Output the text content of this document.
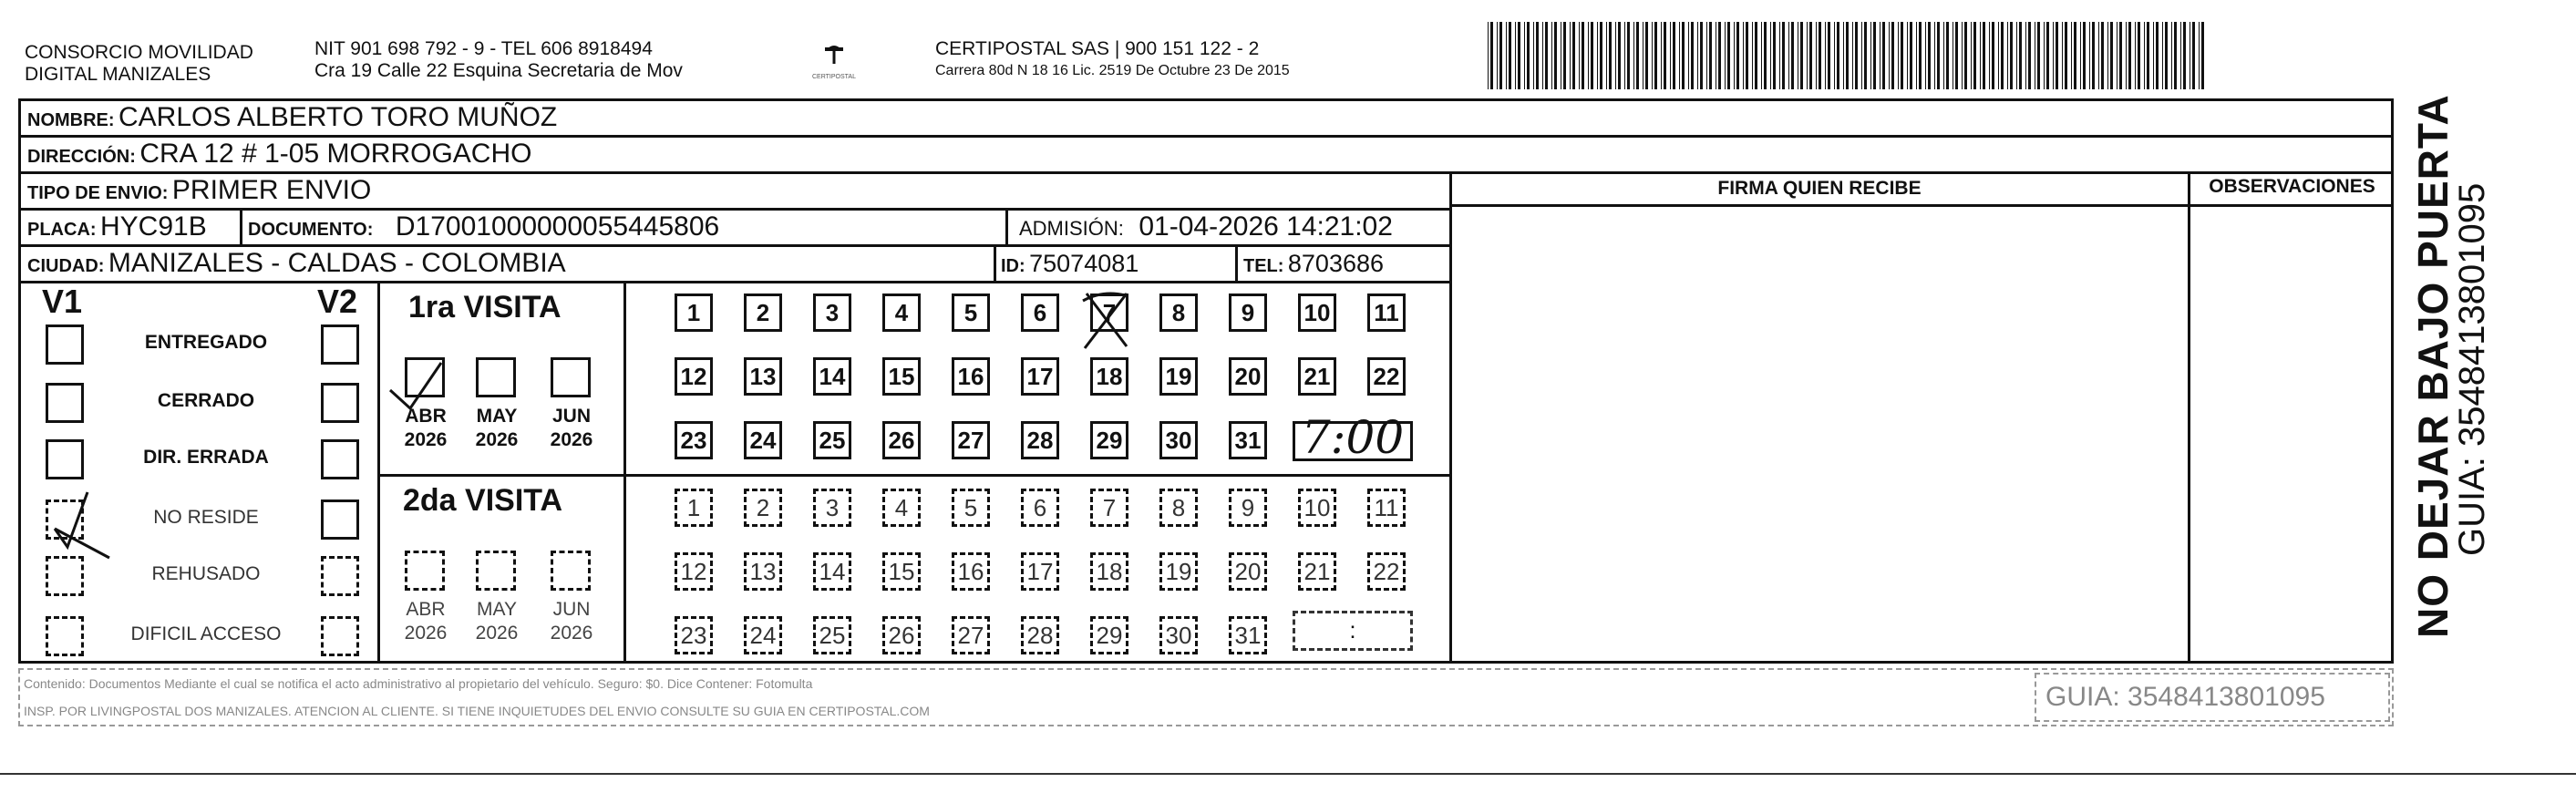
CONSORCIO MOVILIDAD
DIGITAL MANIZALES
NIT 901 698 792 - 9 - TEL 606 8918494
Cra 19 Calle 22 Esquina Secretaria de Mov	CERTIPOSTAL
CERTIPOSTAL SAS | 900 151 122 - 2
Carrera 80d N 18 16 Lic. 2519 De Octubre 23 De 2015
NOMBRE: CARLOS ALBERTO TORO MUÑOZ
DIRECCIÓN: CRA 12 # 1-05 MORROGACHO
TIPO DE ENVIO: PRIMER ENVIO
PLACA: HYC91B DOCUMENTO: D17001000000055445806	ADMISIÓN: 01-04-2026 14:21:02
CIUDAD: MANIZALES - CALDAS - COLOMBIA	ID: 75074081	TEL: 8703686
FIRMA QUIEN RECIBE	OBSERVACIONES NO DEJAR BAJO PUERTA
GUIA: 3548413801095
V1	V2
ENTREGADO
CERRADO
DIR. ERRADA
NO RESIDE
REHUSADO
DIFICIL ACCESO
1ra VISITA
ABR
2026
MAY
2026
JUN
2026
1	2	3	4	5	6	7	8	9	10 11
12 13 14 15 16 17 18 19 20 21 22
23 24 25 26 27 28 29 30 31 7:00
2da VISITA
ABR
2026
MAY
2026
JUN
2026
1	2	3	4	5	6	7	8	9	10 11
12 13 14 15 16 17 18 19 20 21 22
23 24 25 26 27 28 29 30 31	:
Contenido: Documentos Mediante el cual se notifica el acto administrativo al propietario del vehículo. Seguro: $0. Dice Contener: Fotomulta
INSP. POR LIVINGPOSTAL DOS MANIZALES. ATENCION AL CLIENTE. SI TIENE INQUIETUDES DEL ENVIO CONSULTE SU GUIA EN CERTIPOSTAL.COM	GUIA: 3548413801095
